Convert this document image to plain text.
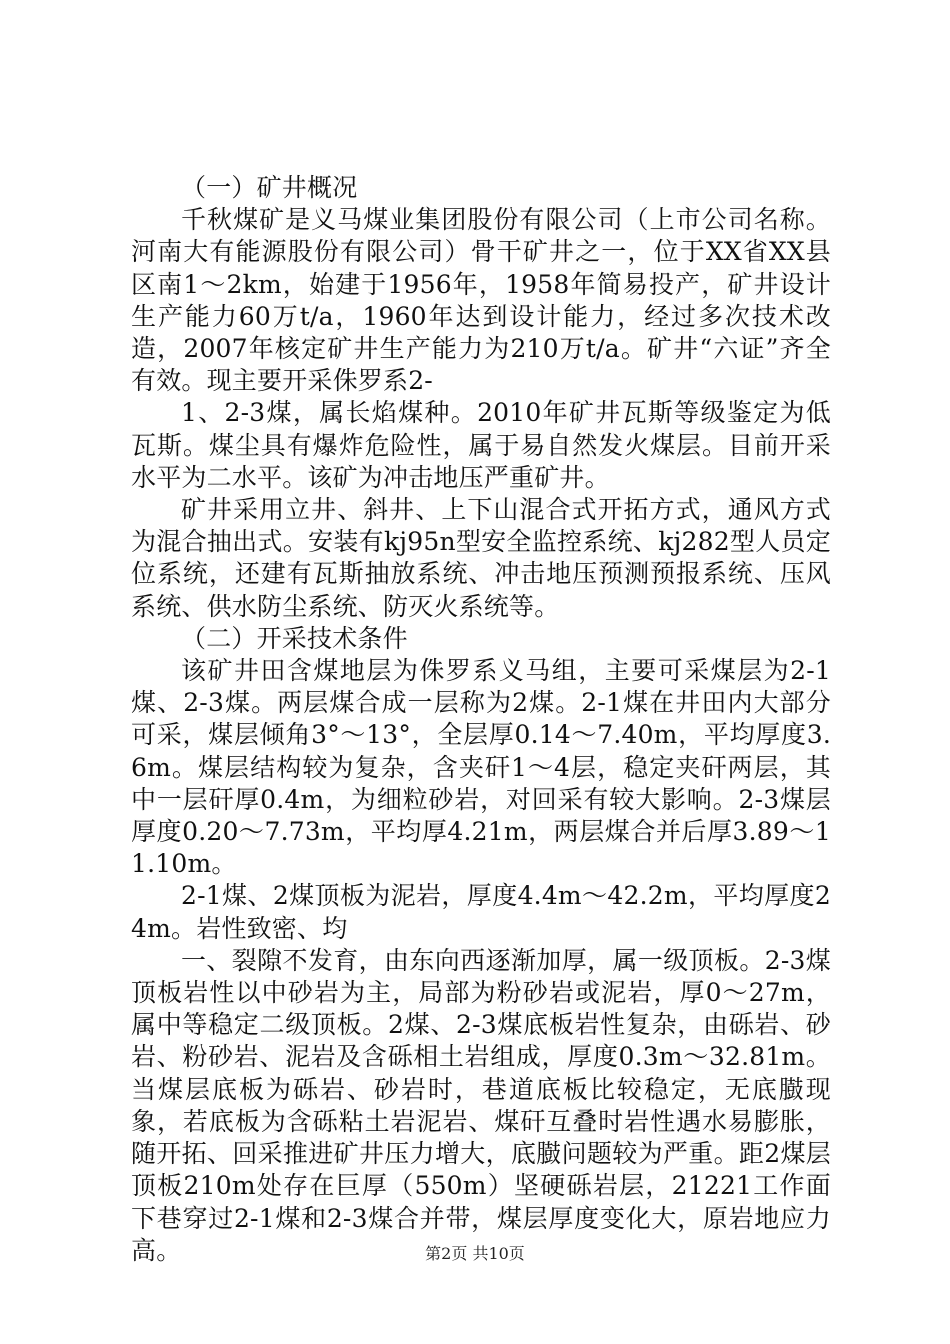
（一）矿井概况

千秋煤矿是义马煤业集团股份有限公司（上市公司名称。河南大有能源股份有限公司）骨干矿井之一，位于XX省XX县区南1～2km，始建于1956年，1958年简易投产，矿井设计生产能力60万t/a，1960年达到设计能力，经过多次技术改造，2007年核定矿井生产能力为210万t/a。矿井“六证”齐全有效。现主要开采侏罗系2-

1、2-3煤，属长焰煤种。2010年矿井瓦斯等级鉴定为低瓦斯。煤尘具有爆炸危险性，属于易自然发火煤层。目前开采水平为二水平。该矿为冲击地压严重矿井。

矿井采用立井、斜井、上下山混合式开拓方式，通风方式为混合抽出式。安装有kj95n型安全监控系统、kj282型人员定位系统，还建有瓦斯抽放系统、冲击地压预测预报系统、压风系统、供水防尘系统、防灭火系统等。

（二）开采技术条件

该矿井田含煤地层为侏罗系义马组，主要可采煤层为2-1煤、2-3煤。两层煤合成一层称为2煤。2-1煤在井田内大部分可采，煤层倾角3°～13°，全层厚0.14～7.40m，平均厚度3.6m。煤层结构较为复杂，含夹矸1～4层，稳定夹矸两层，其中一层矸厚0.4m，为细粒砂岩，对回采有较大影响。2-3煤层厚度0.20～7.73m，平均厚4.21m，两层煤合并后厚3.89～11.10m。

2-1煤、2煤顶板为泥岩，厚度4.4m～42.2m，平均厚度24m。岩性致密、均

一、裂隙不发育，由东向西逐渐加厚，属一级顶板。2-3煤顶板岩性以中砂岩为主，局部为粉砂岩或泥岩，厚0～27m，属中等稳定二级顶板。2煤、2-3煤底板岩性复杂，由砾岩、砂岩、粉砂岩、泥岩及含砾相土岩组成，厚度0.3m～32.81m。当煤层底板为砾岩、砂岩时，巷道底板比较稳定，无底臌现象，若底板为含砾粘土岩泥岩、煤矸互叠时岩性遇水易膨胀，随开拓、回采推进矿井压力增大，底臌问题较为严重。距2煤层顶板210m处存在巨厚（550m）坚硬砾岩层，21221工作面下巷穿过2-1煤和2-3煤合并带，煤层厚度变化大，原岩地应力高。	第2页 共10页
